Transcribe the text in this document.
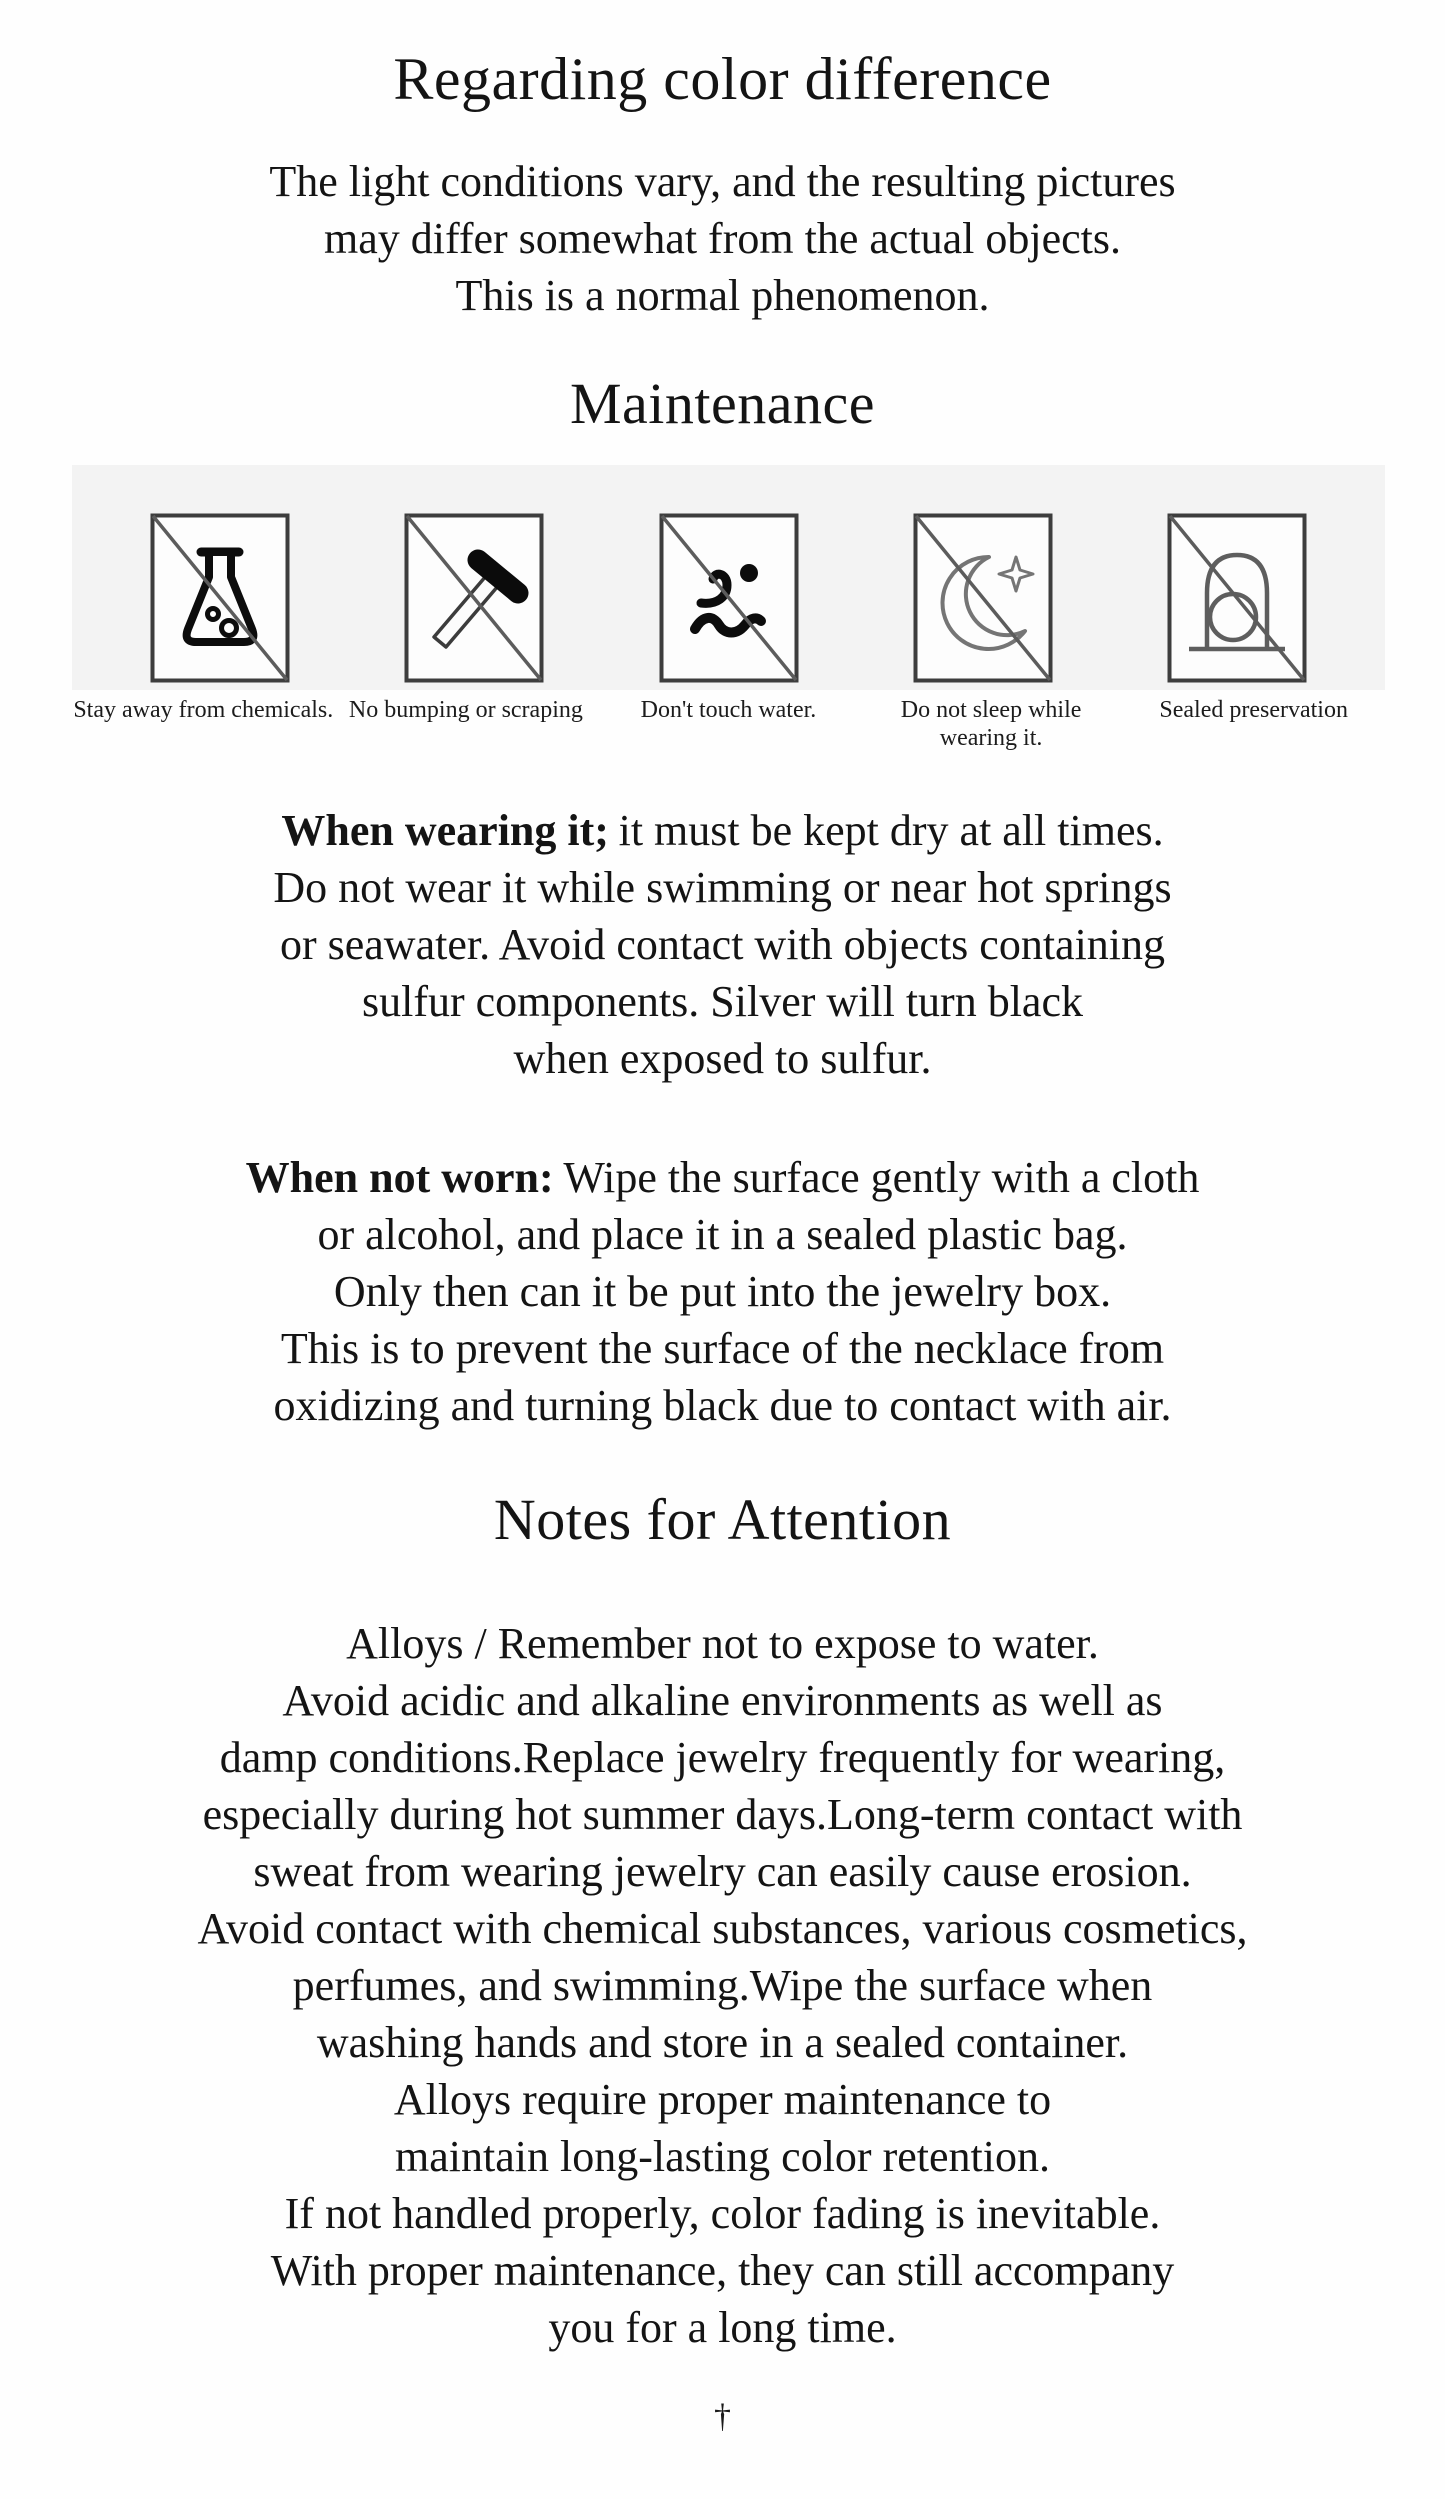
Regarding color difference
The light conditions vary, and the resulting pictures
may differ somewhat from the actual objects.
This is a normal phenomenon.
Maintenance
Stay away from chemicals. No bumping or scraping	Don't touch water.	Do not sleep while wearing it.
Sealed preservation
When wearing it; it must be kept dry at all times.
Do not wear it while swimming or near hot springs
or seawater. Avoid contact with objects containing
sulfur components. Silver will turn black
when exposed to sulfur.
When not worn: Wipe the surface gently with a cloth
or alcohol, and place it in a sealed plastic bag.
Only then can it be put into the jewelry box.
This is to prevent the surface of the necklace from
oxidizing and turning black due to contact with air.
Notes for Attention
Alloys / Remember not to expose to water.
Avoid acidic and alkaline environments as well as
damp conditions.Replace jewelry frequently for wearing,
especially during hot summer days.Long-term contact with
sweat from wearing jewelry can easily cause erosion.
Avoid contact with chemical substances, various cosmetics,
perfumes, and swimming.Wipe the surface when
washing hands and store in a sealed container.
Alloys require proper maintenance to
maintain long-lasting color retention.
If not handled properly, color fading is inevitable.
With proper maintenance, they can still accompany
you for a long time.
†
